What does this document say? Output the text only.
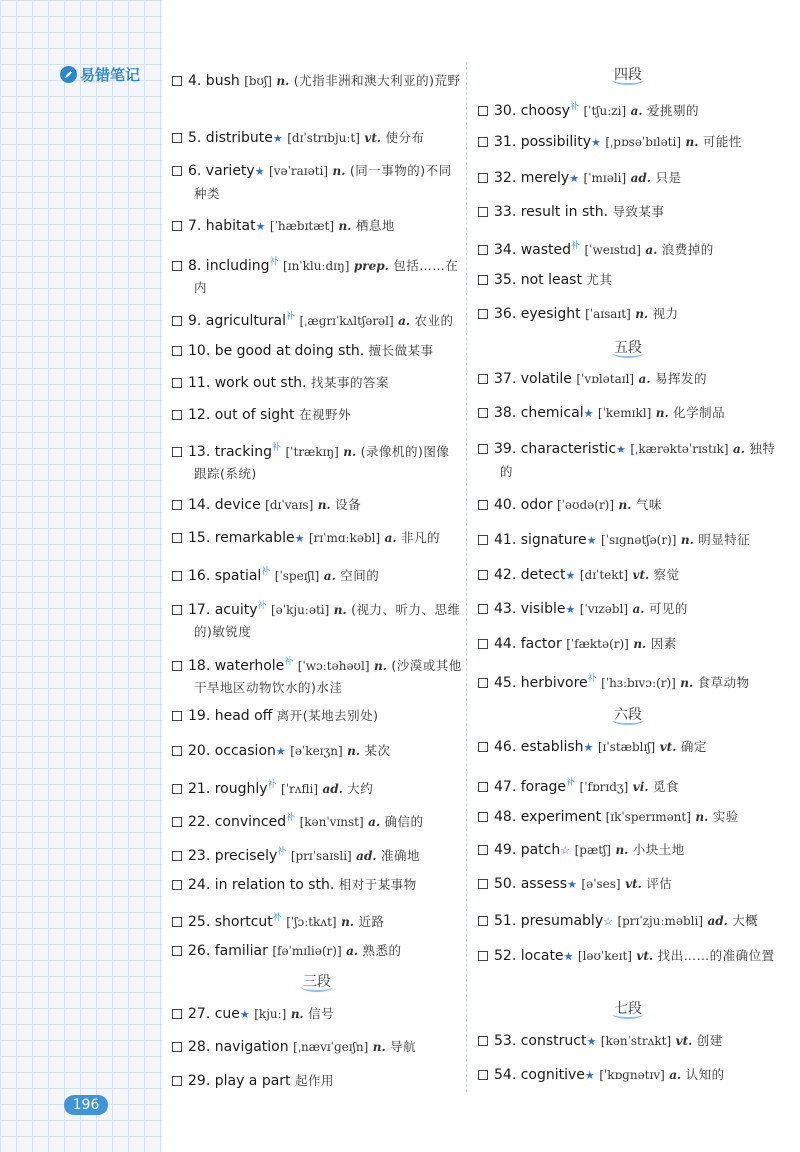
易错笔记
196
4. bush [bʊʃ] n. (尤指非洲和澳大利亚的)荒野
5. distribute★ [dɪˈstrɪbjuːt] vt. 使分布
6. variety★ [vəˈraɪəti] n. (同一事物的)不同种类
7. habitat★ [ˈhæbɪtæt] n. 栖息地
8. including$^补$ [ɪnˈkluːdɪŋ] prep. 包括……在内
9. agricultural$^补$ [ˌæɡrɪˈkʌltʃərəl] a. 农业的
10. be good at doing sth. 擅长做某事
11. work out sth. 找某事的答案
12. out of sight 在视野外
13. tracking$^补$ [ˈtrækɪŋ] n. (录像机的)图像跟踪(系统)
14. device [dɪˈvaɪs] n. 设备
15. remarkable★ [rɪˈmɑːkəbl] a. 非凡的
16. spatial$^补$ [ˈspeɪʃl] a. 空间的
17. acuity$^补$ [əˈkjuːəti] n. (视力、听力、思维的)敏锐度
18. waterhole$^补$ [ˈwɔːtəhəʊl] n. (沙漠或其他干旱地区动物饮水的)水洼
19. head off 离开(某地去别处)
20. occasion★ [əˈkeɪʒn] n. 某次
21. roughly$^补$ [ˈrʌfli] ad. 大约
22. convinced$^补$ [kənˈvɪnst] a. 确信的
23. precisely$^补$ [prɪˈsaɪsli] ad. 准确地
24. in relation to sth. 相对于某事物
25. shortcut$^补$ [ˈʃɔːtkʌt] n. 近路
26. familiar [fəˈmɪliə(r)] a. 熟悉的
三段
27. cue★ [kjuː] n. 信号
28. navigation [ˌnævɪˈɡeɪʃn] n. 导航
29. play a part 起作用
四段
30. choosy$^补$ [ˈtʃuːzi] a. 爱挑剔的
31. possibility★ [ˌpɒsəˈbɪləti] n. 可能性
32. merely★ [ˈmɪəli] ad. 只是
33. result in sth. 导致某事
34. wasted$^补$ [ˈweɪstɪd] a. 浪费掉的
35. not least 尤其
36. eyesight [ˈaɪsaɪt] n. 视力
五段
37. volatile [ˈvɒlətaɪl] a. 易挥发的
38. chemical★ [ˈkemɪkl] n. 化学制品
39. characteristic★ [ˌkærəktəˈrɪstɪk] a. 独特的
40. odor [ˈəʊdə(r)] n. 气味
41. signature★ [ˈsɪɡnətʃə(r)] n. 明显特征
42. detect★ [dɪˈtekt] vt. 察觉
43. visible★ [ˈvɪzəbl] a. 可见的
44. factor [ˈfæktə(r)] n. 因素
45. herbivore$^补$ [ˈhɜːbɪvɔː(r)] n. 食草动物
六段
46. establish★ [ɪˈstæblɪʃ] vt. 确定
47. forage$^补$ [ˈfɒrɪdʒ] vi. 觅食
48. experiment [ɪkˈsperɪmənt] n. 实验
49. patch☆ [pætʃ] n. 小块土地
50. assess★ [əˈses] vt. 评估
51. presumably☆ [prɪˈzjuːməbli] ad. 大概
52. locate★ [ləʊˈkeɪt] vt. 找出……的准确位置
七段
53. construct★ [kənˈstrʌkt] vt. 创建
54. cognitive★ [ˈkɒɡnətɪv] a. 认知的
